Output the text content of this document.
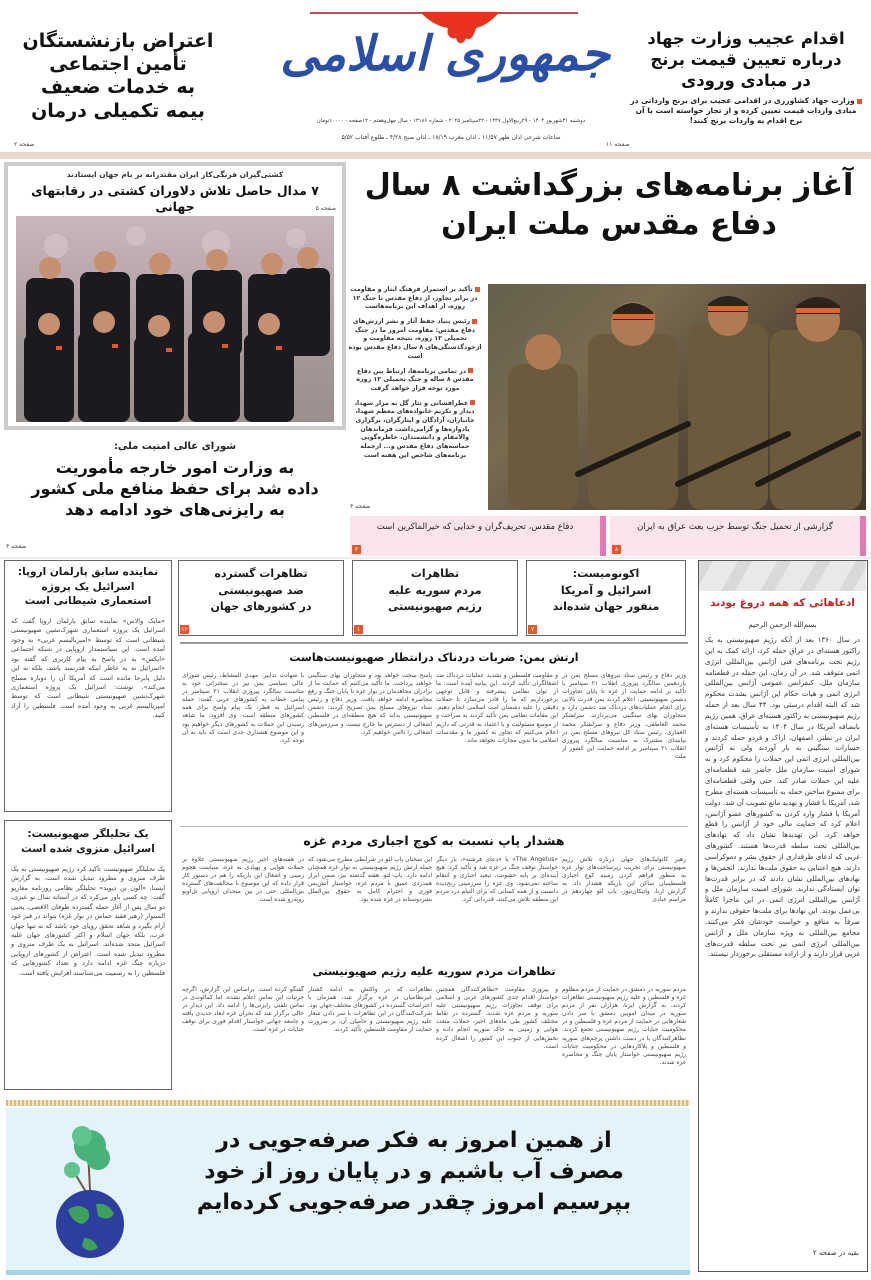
اعتراض بازنشستگان
تأمین اجتماعی
به خدمات ضعیف
بیمه تکمیلی درمان
صفحه ۲
جمهوری اسلامی
دوشنبه ۳۱شهریور ۱۴۰۴ - ۲۹ربیع‌الاول ۱۴۴۷ - ۲۲سپتامبر ۲۰۲۵ - شماره ۱۳۱۸۶ - سال چهل‌وهفتم - ۱۲صفحه - ۱۰۰۰۰تومان
ساعات شرعی اذان ظهر ۱۱/۵۷ ـ اذان مغرب ۱۸/۱۹ ـ اذان صبح ۴/۲۸ ـ طلوع آفتاب ۵/۵۲
اقدام عجیب وزارت جهاد
درباره تعیین قیمت برنج
در مبادی ورودی
وزارت جهاد کشاورزی در اقدامی عجیب برای برنج وارداتی در مبادی واردات قیمت تعیین کرده و از تجار خواسته است با آن نرخ اقدام به واردات برنج کنند!
صفحه ۱۱
کشتی‌گیران فرنگی‌کار ایران مقتدرانه بر بام جهان ایستادند
۷ مدال حاصل تلاش دلاوران کشتی در رقابتهای جهانی	صفحه ۵
آغاز برنامه‌های بزرگداشت ۸ سال
دفاع مقدس ملت ایران
تأکید بر استمرار فرهنگ ایثار و مقاومت در برابر تجاوز، از دفاع مقدس تا جنگ ۱۲ روزه، از اهداف این برنامه‌هاست
رئیس بنیاد حفظ آثار و نشر ارزش‌های دفاع مقدس: مقاومت امروز ما در جنگ تحمیلی ۱۲ روزه، نتیجه مقاومت و ازخودگذشتگی‌های ۸ سال دفاع مقدس بوده است
در تمامی برنامه‌ها، ارتباط بین دفاع مقدس ۸ ساله و جنگ تحمیلی ۱۲ روزه مورد توجه قرار خواهد گرفت
عطرافشانی و نثار گل به مزار شهدا، دیدار و تکریم خانواده‌های معظم شهدا، جانبازان، آزادگان و ایثارگران، برگزاری یادواره‌ها و گرامی‌داشت فرماندهان والامقام و دانشمندان، خاطره‌گویی حماسه‌های دفاع مقدس و... ازجمله برنامه‌های شاخص این هفته است
صفحه ۳
شورای عالی امنیت ملی:
به وزارت امور خارجه مأموریت
داده شد برای حفظ منافع ملی کشور
به رایزنی‌های خود ادامه دهد
صفحه ۳
گزارشی از تحمیل جنگ توسط حزب بعث عراق به ایران
۸
دفاع مقدس، تحریف‌گران و خدایی که خیرالماکرین است
۳
اکونومیست:
اسرائیل و آمریکا
منفور جهان شده‌اند
۷
تظاهرات
مردم سوریه علیه
رژیم صهیونیستی
۱
تظاهرات گسترده
ضد صهیونیستی
در کشورهای جهان
۱۲
نماینده سابق پارلمان اروپا:
اسرائیل یک پروژه
استعماری شیطانی است
«مایک والاس» نماینده سابق پارلمان اروپا گفت که اسرائیل یک پروژه استعماری شهرک‌نشین صهیونیستی شیطانی است که توسط «امپریالیسم غربی» به وجود آمده است. این سیاستمدار اروپایی در شبکه اجتماعی «ایکس» به در پاسخ به پیام کاربری که گفته بود «اسرائیل نه به خاطر اینکه قدرتمند باشد، بلکه به این دلیل پابرجا مانده است که آمریکا آن را دوباره مسلح می‌کند»، نوشت: اسرائیل یک پروژه استعماری شهرک‌نشین صهیونیستی شیطانی است که توسط امپریالیسم غربی به وجود آمده است. فلسطین را آزاد کنید.
یک تحلیلگر صهیونیست:
اسرائیل منزوی شده است
یک تحلیلگر صهیونیست تأکید کرد رژیم صهیونیستی به یک طرف منزوی و مطرود تبدیل شده است. به گزارش ایسنا، «آلون بن دیوید» تحلیلگر نظامی روزنامه معاریو گفت: چه کسی باور می‌کرد که در آستانه سال نو عبری، دو سال پس از آغاز حمله گسترده طوفان الاقصی، یحیی السنوار (رهبر فقید حماس در نوار غزه) بتواند در قبر خود آرام بگیرد و شاهد تحقق رویای خود باشد که نه تنها جهان عرب، بلکه جهان اسلام و اکثر کشورهای جهان علیه اسرائیل متحد شده‌اند. اسرائیل به یک طرف منزوی و مطرود تبدیل شده است. اعتراض از کشورهای اروپایی درباره جنگ غزه ادامه دارد و تعداد کشورهایی که فلسطین را به رسمیت می‌شناسند افزایش یافته است.
ارتش یمن: ضربات دردناک درانتظار صهیونیست‌هاست
وزیر دفاع و رئیس ستاد نیروهای مسلح یمن در یازدهمین سالگرد پیروزی انقلاب ۲۱ سپتامبر با تأکید بر ادامه حمایت از غزه تا پایان تجاوزات دشمن صهیونیستی، اعلام کردند یمن قدرت بالایی برای انجام عملیات‌های دردناک ضد دشمن دارد و متجاوزان بهای سنگینی می‌پردازند. سرلشکر محمد العاطفی، وزیر دفاع و سرلشکر محمد الغماری، رئیس ستاد کل نیروهای مسلح یمن در بیانیه‌ای مشترک به مناسبت سالگرد پیروزی انقلاب ۲۱ سپتامبر بر ادامه حمایت این کشور از ملت
و مقاومت فلسطین و تشدید عملیات دردناک ضد اشغالگران تأکید کردند. این بیانیه آمده است: ما از توان نظامی پیشرفته و قابل توجهی برخورداریم که ما را قادر می‌سازد تا حملات دقیقی را علیه دشمنان امت اسلامی انجام دهیم. این مقامات نظامی یمن تأکید کردند به صراحت و از موضع مسئولیت و با اعتماد به قدرتی که داریم اعلام می‌کنیم که تجاوز به کشور ما و مقدسات اسلامی ما بدون مجازات نخواهد ماند.
پاسخ سخت خواهد بود و متجاوزان بهای سنگینی خواهند پرداخت. ما تأکید می‌کنیم که حمایت ما از برادران مجاهدمان در نوار غزه تا پایان جنگ و رفع محاصره ادامه خواهد یافت. وزیر دفاع و رئیس ستاد نیروهای مسلح یمن تصریح کردند: دشمن صهیونیستی بداند که هیچ منطقه‌ای در فلسطین اشغالی از دسترس ما خارج نیست و سرزمین‌های اشغالی را ناامن خواهیم کرد.
با شهادت تدابیر. مهدی المشاط، رئیس شورای عالی سیاسی یمن نیز در سخنرانی خود به مناسبت سالگرد پیروزی انقلاب ۲۱ سپتامبر در پیامی خطاب به کشورهای عربی گفت: حمله اسرائیل به قطر، یک پیام واضح برای همه کشورهای منطقه است. وی افزود: ما شاهد رسیدن این حملات به کشورهای دیگر خواهیم بود و این موضوع هشداری جدی است که باید به آن توجه کرد.
هشدار پاپ نسبت به کوچ اجباری مردم غزه
رهبر کاتولیک‌های جهان درباره تلاش رژیم صهیونیستی برای تخریب زیرساخت‌های نوار غزه به منظور فراهم کردن زمینه کوچ اجباری فلسطینیان ساکن این باریکه هشدار داد. به گزارش ارنا، واتیکان‌نیوز، پاپ لئو چهاردهم در مراسم عبادی
«The Angelus» یا «دعای فرشته»، بار دیگر خواستار توقف جنگ در غزه شد و تأکید کرد: هیچ آینده‌ای بر پایه خشونت، تبعید اجباری و انتقام ساخته نمی‌شود. وی غزه را سرزمینی رنج‌دیده دانست و از همه کسانی که برای التیام درد مردم این منطقه تلاش می‌کنند، قدردانی کرد.
این سخنان پاپ لئو در شرایطی مطرح می‌شود که حمله ارتش رژیم صهیونیستی به نوار غزه همچنان ادامه دارد. پاپ لئو، هفته گذشته نیز، ضمن ابراز همدردی عمیق با مردم غزه، خواستار آتش‌بس فوری و احترام کامل به حقوق بین‌الملل بشردوستانه در غزه شده بود.
در هفته‌های اخیر رژیم صهیونیستی علاوه بر حملات هوایی و پهپادی به غزه، سیاست هجوم زمینی و اشغال این باریکه را هم در دستور کار قرار داده که این موضوع با مخالفت‌های گسترده بین‌المللی حتی در بین متحدان اروپایی تل‌آویو روبه‌رو شده است.
تظاهرات مردم سوریه علیه رژیم صهیونیستی
مردم سوریه در دمشق در حمایت از مردم مظلوم غزه و فلسطین و علیه رژیم صهیونیستی تظاهرات کردند. به گزارش ایرنا، هزاران نفر از مردم سوریه در میدان امویین دمشق با سر دادن شعارهایی در حمایت از مردم غزه و فلسطین و در محکومیت جنایات رژیم صهیونیستی تجمع کردند. تظاهرکنندگان با در دست داشتن پرچم‌های سوریه و فلسطین و پلاکاردهایی در محکومیت جنایات رژیم صهیونیستی خواستار پایان جنگ و محاصره غزه شدند.
و پیروزی مقاومت «تظاهرکنندگان همچنین خواستار اقدام جدی کشورهای عربی و اسلامی برای توقف تجاوزات رژیم صهیونیستی علیه سوریه و مردم غزه شدند. گسترده در نقاط مختلف کشور طی ماه‌های اخیر، حملات متعدد هوایی و زمینی به خاک سوریه انجام داده و بخش‌هایی از جنوب این کشور را اشغال کرده است.
تظاهرات که در واکنش به ادامه کشتار غیرنظامیان در غزه برگزار شد، همزمان با اعتراضات گسترده در کشورهای مختلف جهان بود. شرکت‌کنندگان در این تظاهرات با سر دادن شعار علیه رژیم صهیونیستی و حامیان آن، بر ضرورت حمایت از مقاومت فلسطین تأکید کردند.
گفتگو کرده است. براساس این گزارش، اگرچه جزئیات این تماس اعلام نشده، اما کمالوندی در تماس تلفنی رایزنی‌ها را ادامه داد. این دیدار در حالی برگزار شد که بحران غزه ابعاد جدیدی یافته و جامعه جهانی خواستار اقدام فوری برای توقف جنایات در غزه است.
ادعاهائی که همه دروغ بودند
بسم‌الله الرحمن الرحیم
در سال ۱۳۶۰ بعد از آنکه رژیم صهیونیستی به یک راکتور هسته‌ای در عراق حمله کرد، ارائه کمک به این رژیم تحت برنامه‌های فنی آژانس بین‌المللی انرژی اتمی متوقف شد. در آن زمان، این حمله در قطعنامه سازمان ملل، کنفرانس عمومی آژانس بین‌المللی انرژی اتمی و هیات حکام این آژانس بشدت محکوم شد که البته اقدام درستی بود. ۴۴ سال بعد از حمله رژیم صهیونیستی به راکتور هسته‌ای عراق، همین رژیم بانضافه آمریکا در سال ۱۴۰۴ به تأسیسات هسته‌ای ایران در نطنز، اصفهان، اراک و فردو حمله کردند و خسارات سنگینی به بار آوردند ولی نه آژانس بین‌المللی انرژی اتمی این حملات را محکوم کرد و نه شورای امنیت سازمان ملل حاضر شد قطعنامه‌ای علیه این حملات صادر کند. حتی وقتی قطعنامه‌ای برای ممنوع ساختن حمله به تأسیسات هسته‌ای مطرح شد، آمریکا با فشار و تهدید مانع تصویب آن شد. دولت آمریکا با فشار وارد کردن به کشورهای عضو آژانس، اعلام کرد که حمایت مالی خود از آژانس را قطع خواهد کرد. این تهدیدها نشان داد که نهادهای بین‌المللی تحت سلطه قدرت‌ها هستند. کشورهای غربی که ادعای طرفداری از حقوق بشر و دموکراسی دارند، هیچ اعتنایی به حقوق ملت‌ها ندارند. انجمن‌ها و نهادهای بین‌المللی نشان دادند که در برابر قدرت‌ها توان ایستادگی ندارند. شورای امنیت سازمان ملل و آژانس بین‌المللی انرژی اتمی در این ماجرا کاملاً بی‌عمل بودند. این نهادها برای ملت‌ها حقوقی ندارند و صرفاً به منافع و خواست خودشان فکر می‌کنند. مجامع بین‌المللی به ویژه سازمان ملل و آژانس بین‌المللی انرژی اتمی نیز تحت سلطه قدرت‌های غربی قرار دارند و از اراده مستقلی برخوردار نیستند.
بقیه در صفحه ۲
از همین امروز به فکر صرفه‌جویی در
مصرف آب باشیم و در پایان روز از خود
بپرسیم امروز چقدر صرفه‌جویی کرده‌ایم
